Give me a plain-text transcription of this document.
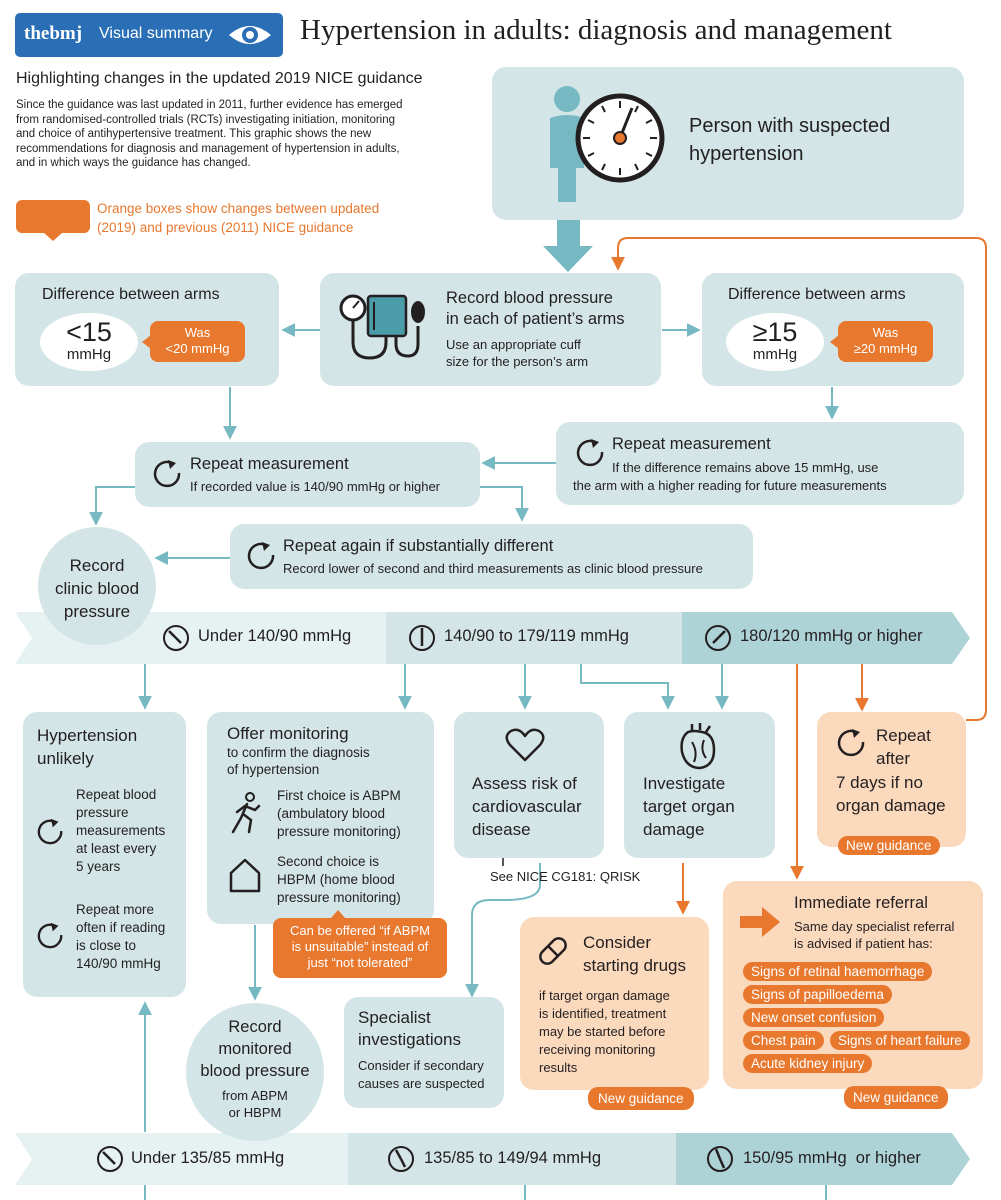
thebmj Visual summary	Hypertension in adults: diagnosis and management
Highlighting changes in the updated 2019 NICE guidance
Since the guidance was last updated in 2011, further evidence has emerged
from randomised-controlled trials (RCTs) investigating initiation, monitoring
and choice of antihypertensive treatment. This graphic shows the new
recommendations for diagnosis and management of hypertension in adults,
and in which ways the guidance has changed.
Orange boxes show changes between updated
(2019) and previous (2011) NICE guidance
Person with suspected
hypertension
Record blood pressure
in each of patient’s arms
Use an appropriate cuff
size for the person’s arm
Difference between arms
<15
mmHg
Was
<20 mmHg
Difference between arms
≥15
mmHg
Was
≥20 mmHg
Repeat measurement
If the difference remains above 15 mmHg, use
the arm with a higher reading for future measurements
Repeat measurement
If recorded value is 140/90 mmHg or higher
Repeat again if substantially different
Record lower of second and third measurements as clinic blood pressure
Record
clinic blood
pressure
Under 140/90 mmHg	140/90 to 179/119 mmHg	180/120 mmHg or higher
Hypertension
unlikely
Repeat blood
pressure
measurements
at least every
5 years
Repeat more
often if reading
is close to
140/90 mmHg
Offer monitoring
to confirm the diagnosis
of hypertension
First choice is ABPM
(ambulatory blood
pressure monitoring)
Second choice is
HBPM (home blood
pressure monitoring)
Can be offered “if ABPM
is unsuitable” instead of
just “not tolerated”
Assess risk of
cardiovascular
disease
See NICE CG181: QRISK
Investigate
target organ
damage
Repeat
after
7 days if no
organ damage
New guidance
Immediate referral
Same day specialist referral
is advised if patient has:
Signs of retinal haemorrhage
Signs of papilloedema
New onset confusion
Chest pain	Signs of heart failure
Acute kidney injury
New guidance
Consider
starting drugs
if target organ damage
is identified, treatment
may be started before
receiving monitoring
results
New guidance
Specialist
investigations
Consider if secondary
causes are suspected
Record
monitored
blood pressure
from ABPM
or HBPM
Under 135/85 mmHg	135/85 to 149/94 mmHg	150/95 mmHg  or higher
